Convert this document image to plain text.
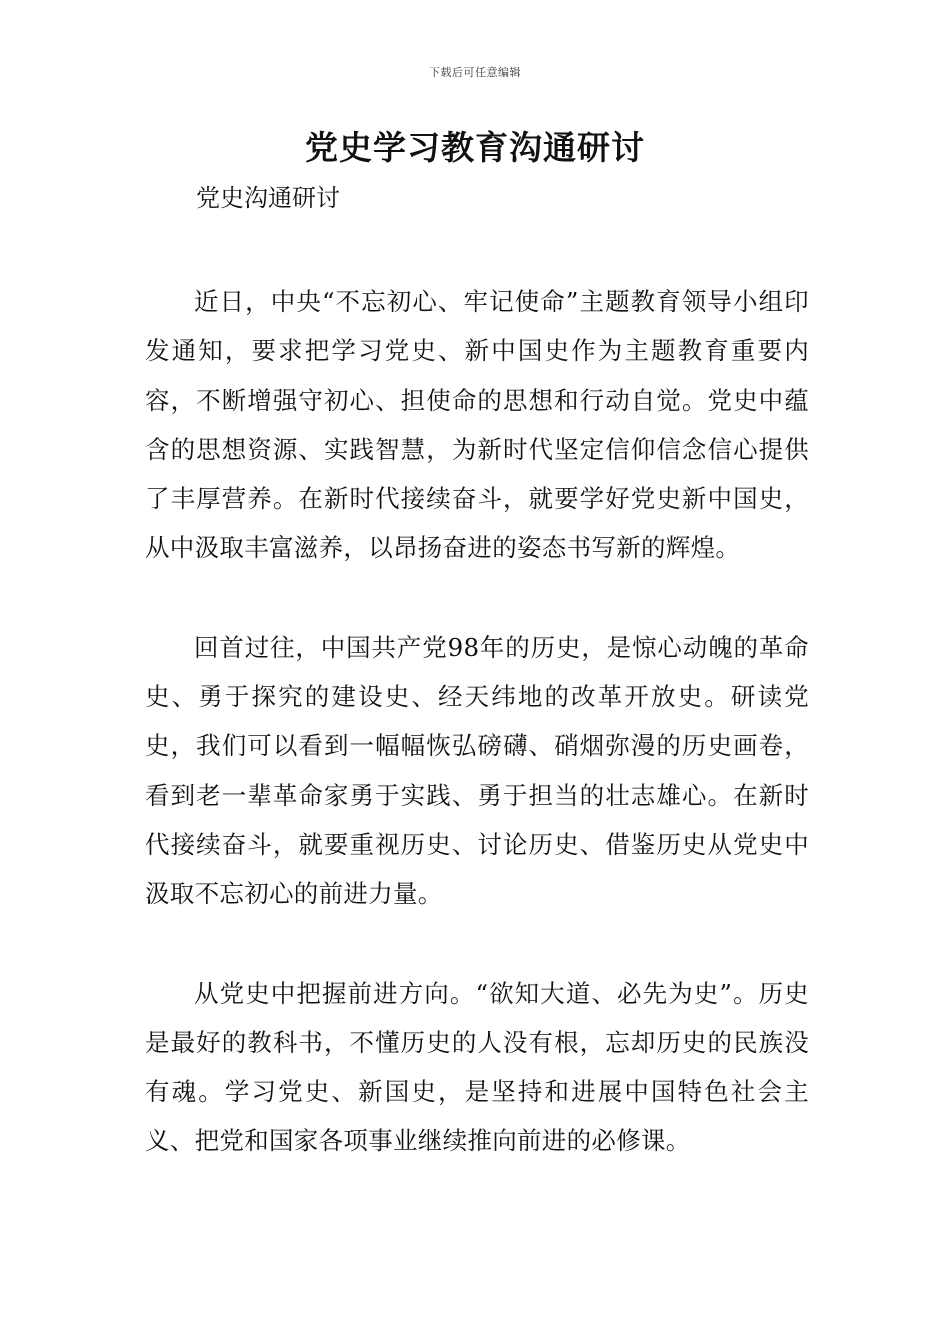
下载后可任意编辑
党史学习教育沟通研讨

党史沟通研讨

近日，中央“不忘初心、牢记使命”主题教育领导小组印发通知，要求把学习党史、新中国史作为主题教育重要内容，不断增强守初心、担使命的思想和行动自觉。党史中蕴含的思想资源、实践智慧，为新时代坚定信仰信念信心提供了丰厚营养。在新时代接续奋斗，就要学好党史新中国史，从中汲取丰富滋养，以昂扬奋进的姿态书写新的辉煌。

回首过往，中国共产党98年的历史，是惊心动魄的革命史、勇于探究的建设史、经天纬地的改革开放史。研读党史，我们可以看到一幅幅恢弘磅礴、硝烟弥漫的历史画卷，看到老一辈革命家勇于实践、勇于担当的壮志雄心。在新时代接续奋斗，就要重视历史、讨论历史、借鉴历史从党史中汲取不忘初心的前进力量。

从党史中把握前进方向。“欲知大道、必先为史”。历史是最好的教科书，不懂历史的人没有根，忘却历史的民族没有魂。学习党史、新国史，是坚持和进展中国特色社会主义、把党和国家各项事业继续推向前进的必修课。
